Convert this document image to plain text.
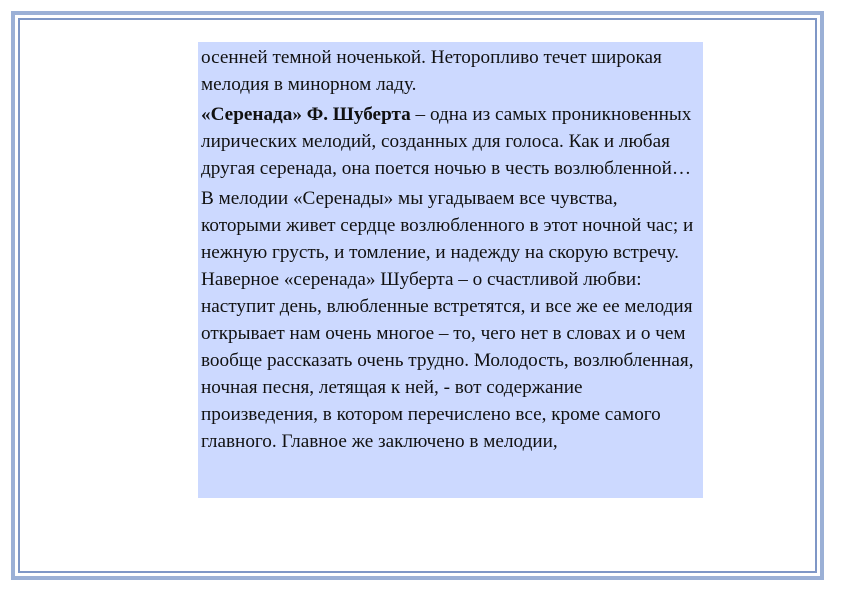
осенней темной ноченькой. Неторопливо течет широкая мелодия в минорном ладу.

«Серенада» Ф. Шуберта – одна из самых проникновенных лирических мелодий, созданных для голоса. Как и любая другая серенада, она поется ночью в честь возлюбленной…

В мелодии «Серенады» мы угадываем все чувства, которыми живет сердце возлюбленного в этот ночной час; и нежную грусть, и томление, и надежду на скорую встречу. Наверное «серенада» Шуберта – о счастливой любви: наступит день, влюбленные встретятся, и все же ее мелодия открывает нам очень многое – то, чего нет в словах и о чем вообще рассказать очень трудно. Молодость, возлюбленная, ночная песня, летящая к ней, - вот содержание произведения, в котором перечислено все, кроме самого главного. Главное же заключено в мелодии,
